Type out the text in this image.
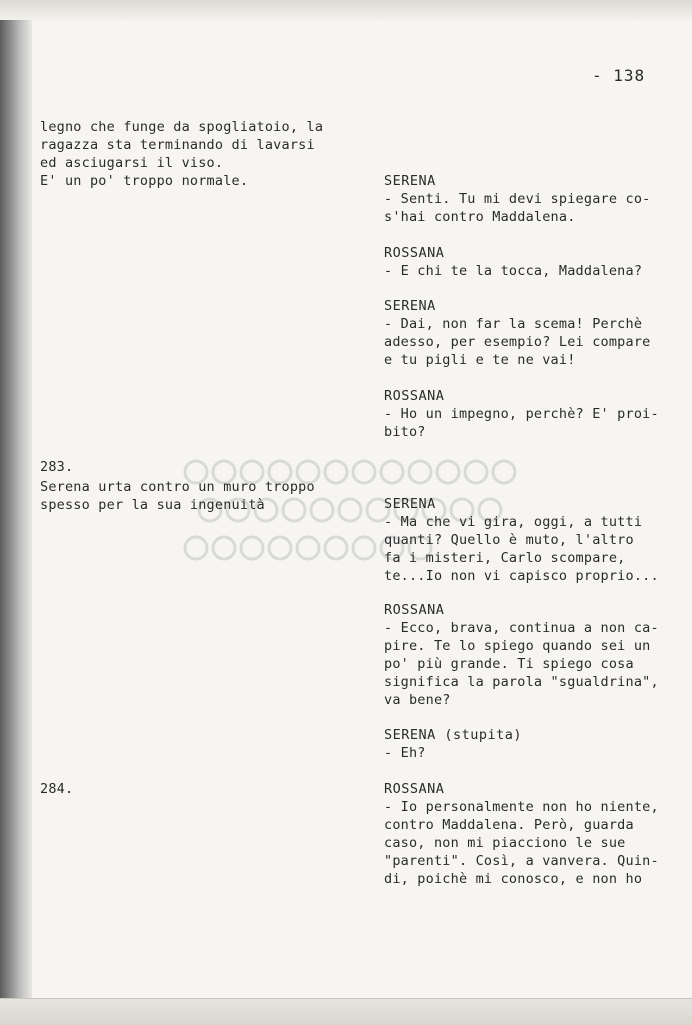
- 138
legno che funge da spogliatoio, la
ragazza sta terminando di lavarsi
ed asciugarsi il viso.
E' un po' troppo normale.
283.
Serena urta contro un muro troppo
spesso per la sua ingenuità
284.
SERENA
- Senti. Tu mi devi spiegare co-
s'hai contro Maddalena.
ROSSANA
- E chi te la tocca, Maddalena?
SERENA
- Dai, non far la scema! Perchè
adesso, per esempio? Lei compare
e tu pigli e te ne vai!
ROSSANA
- Ho un impegno, perchè? E' proi-
bito?
SERENA
- Ma che vi gira, oggi, a tutti
quanti? Quello è muto, l'altro
fa i misteri, Carlo scompare,
te...Io non vi capisco proprio...
ROSSANA
- Ecco, brava, continua a non ca-
pire. Te lo spiego quando sei un
po' più grande. Ti spiego cosa
significa la parola "sgualdrina",
va bene?
SERENA (stupita)
- Eh?
ROSSANA
- Io personalmente non ho niente,
contro Maddalena. Però, guarda
caso, non mi piacciono le sue
"parenti". Così, a vanvera. Quin-
di, poichè mi conosco, e non ho
